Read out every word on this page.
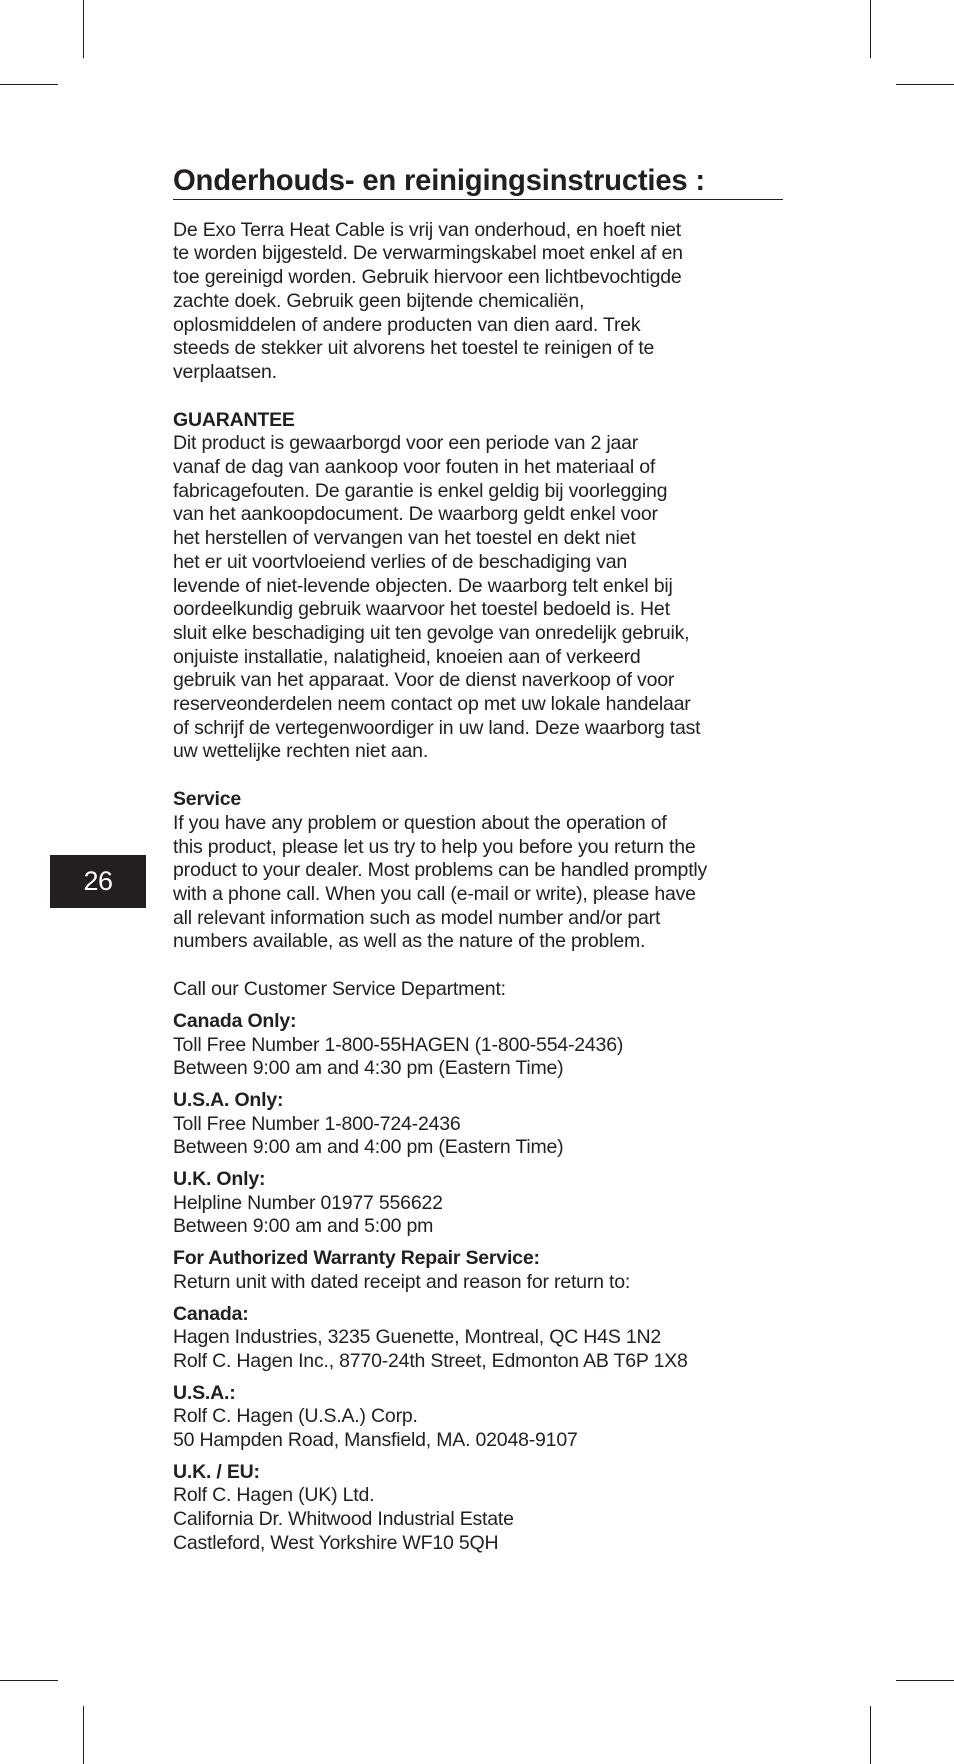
26
Onderhouds- en reinigingsinstructies :

De Exo Terra Heat Cable is vrij van onderhoud, en hoeft niet
te worden bijgesteld. De verwarmingskabel moet enkel af en
toe gereinigd worden. Gebruik hiervoor een lichtbevochtigde
zachte doek. Gebruik geen bijtende chemicaliën,
oplosmiddelen of andere producten van dien aard. Trek
steeds de stekker uit alvorens het toestel te reinigen of te
verplaatsen.

GUARANTEE

Dit product is gewaarborgd voor een periode van 2 jaar
vanaf de dag van aankoop voor fouten in het materiaal of
fabricagefouten. De garantie is enkel geldig bij voorlegging
van het aankoopdocument. De waarborg geldt enkel voor
het herstellen of vervangen van het toestel en dekt niet
het er uit voortvloeiend verlies of de beschadiging van
levende of niet-levende objecten. De waarborg telt enkel bij
oordeelkundig gebruik waarvoor het toestel bedoeld is. Het
sluit elke beschadiging uit ten gevolge van onredelijk gebruik,
onjuiste installatie, nalatigheid, knoeien aan of verkeerd
gebruik van het apparaat. Voor de dienst naverkoop of voor
reserveonderdelen neem contact op met uw lokale handelaar
of schrijf de vertegenwoordiger in uw land. Deze waarborg tast
uw wettelijke rechten niet aan.

Service

If you have any problem or question about the operation of
this product, please let us try to help you before you return the
product to your dealer. Most problems can be handled promptly
with a phone call. When you call (e-mail or write), please have
all relevant information such as model number and/or part
numbers available, as well as the nature of the problem.

Call our Customer Service Department:

Canada Only:

Toll Free Number 1-800-55HAGEN (1-800-554-2436)
Between 9:00 am and 4:30 pm (Eastern Time)

U.S.A. Only:

Toll Free Number 1-800-724-2436
Between 9:00 am and 4:00 pm (Eastern Time)

U.K. Only:

Helpline Number 01977 556622
Between 9:00 am and 5:00 pm

For Authorized Warranty Repair Service:

Return unit with dated receipt and reason for return to:

Canada:

Hagen Industries, 3235 Guenette, Montreal, QC H4S 1N2
Rolf C. Hagen Inc., 8770-24th Street, Edmonton AB T6P 1X8

U.S.A.:

Rolf C. Hagen (U.S.A.) Corp.
50 Hampden Road, Mansfield, MA. 02048-9107

U.K. / EU:

Rolf C. Hagen (UK) Ltd.
California Dr. Whitwood Industrial Estate
Castleford, West Yorkshire WF10 5QH
